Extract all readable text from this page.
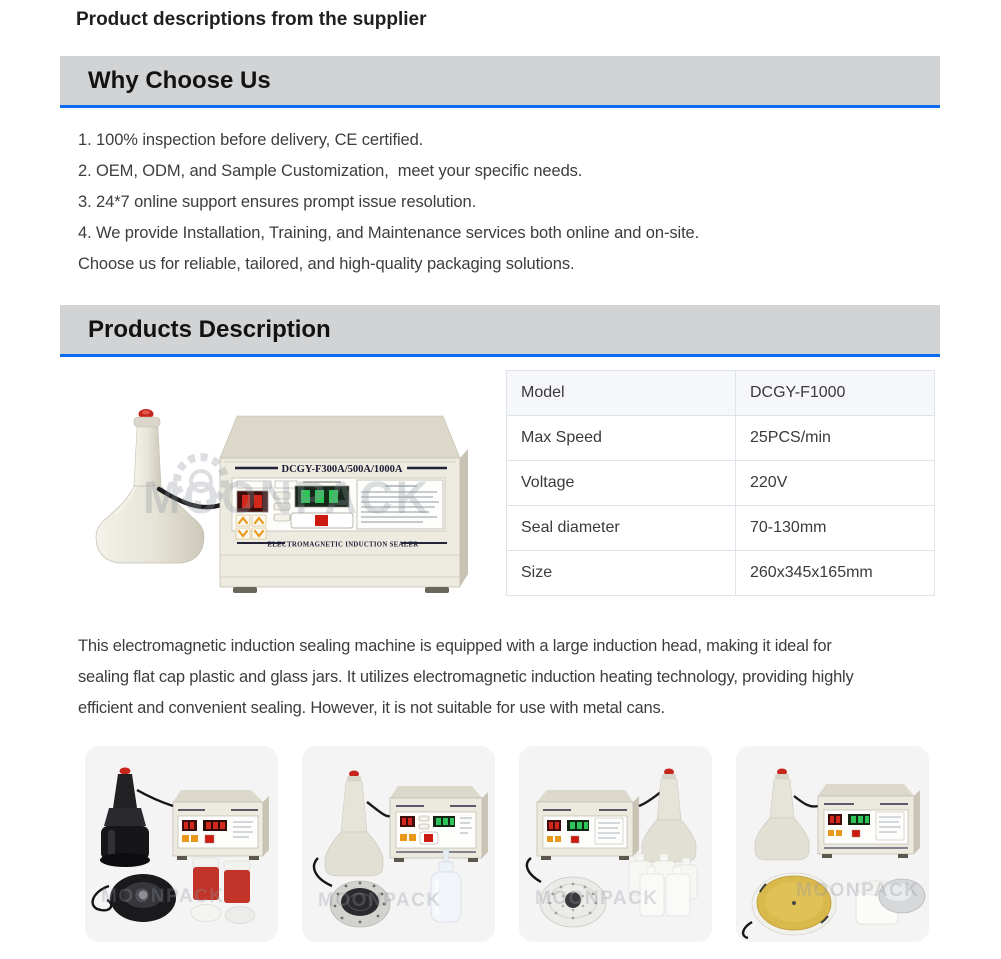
Product descriptions from the supplier
Why Choose Us
1. 100% inspection before delivery, CE certified.
2. OEM, ODM, and Sample Customization,  meet your specific needs.
3. 24*7 online support ensures prompt issue resolution.
4. We provide Installation, Training, and Maintenance services both online and on-site.
Choose us for reliable, tailored, and high-quality packaging solutions.
Products Description
DCGY-F300A/500A/1000A
ELECTROMAGNETIC INDUCTION SEALER
MOONPACK
Model	DCGY-F1000
Max Speed	25PCS/min
Voltage	220V
Seal diameter	70-130mm
Size	260x345x165mm

This electromagnetic induction sealing machine is equipped with a large induction head, making it ideal for sealing flat cap plastic and glass jars. It utilizes electromagnetic induction heating technology, providing highly efficient and convenient sealing. However, it is not suitable for use with metal cans.

MOONPACK	MOONPACK	MOONPACK	MOONPACK
